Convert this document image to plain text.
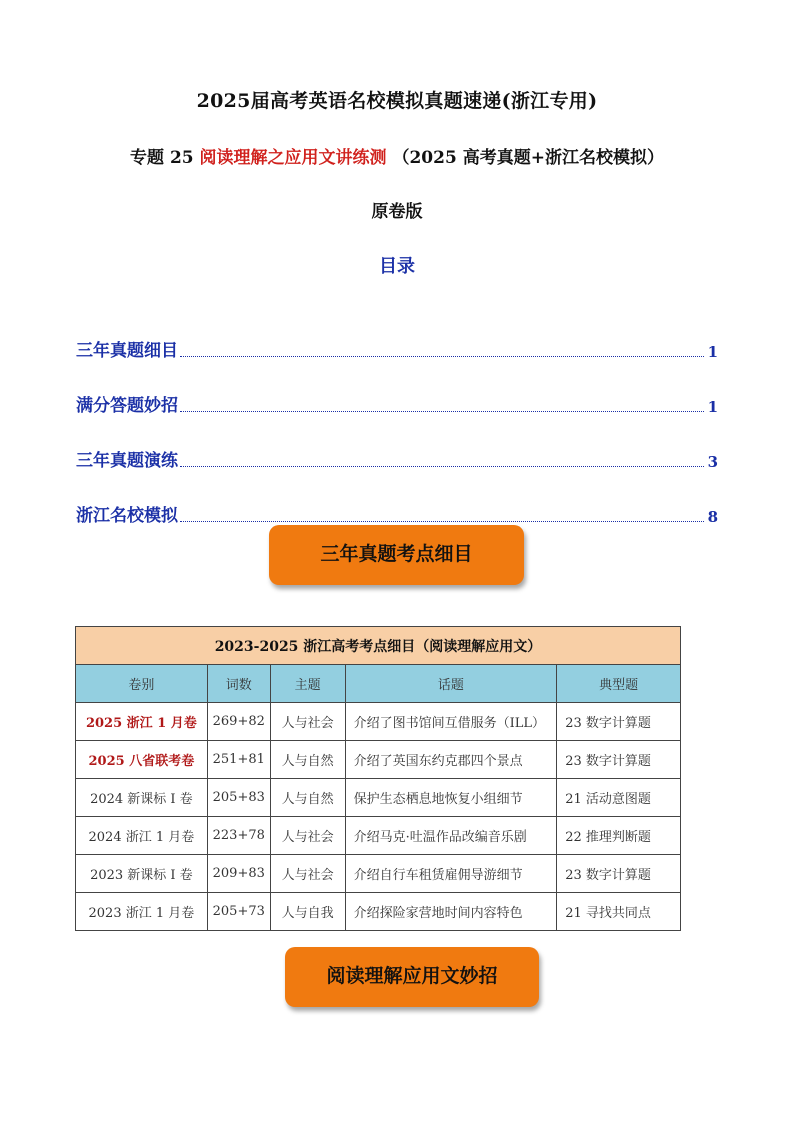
2025届高考英语名校模拟真题速递(浙江专用)
专题 25 阅读理解之应用文讲练测 （2025 高考真题+浙江名校模拟）
原卷版
目录
三年真题细目	1
满分答题妙招	1
三年真题演练	3
浙江名校模拟	8
三年真题考点细目
2023-2025 浙江高考考点细目（阅读理解应用文）				
卷别	词数	主题	话题	典型题
2025 浙江 1 月卷	269+82	人与社会	介绍了图书馆间互借服务（ILL）	23 数字计算题
2025 八省联考卷	251+81	人与自然	介绍了英国东约克郡四个景点	23 数字计算题
2024 新课标 I 卷	205+83	人与自然	保护生态栖息地恢复小组细节	21 活动意图题
2024 浙江 1 月卷	223+78	人与社会	介绍马克·吐温作品改编音乐剧	22 推理判断题
2023 新课标 I 卷	209+83	人与社会	介绍自行车租赁雇佣导游细节	23 数字计算题
2023 浙江 1 月卷	205+73	人与自我	介绍探险家营地时间内容特色	21 寻找共同点
阅读理解应用文妙招
